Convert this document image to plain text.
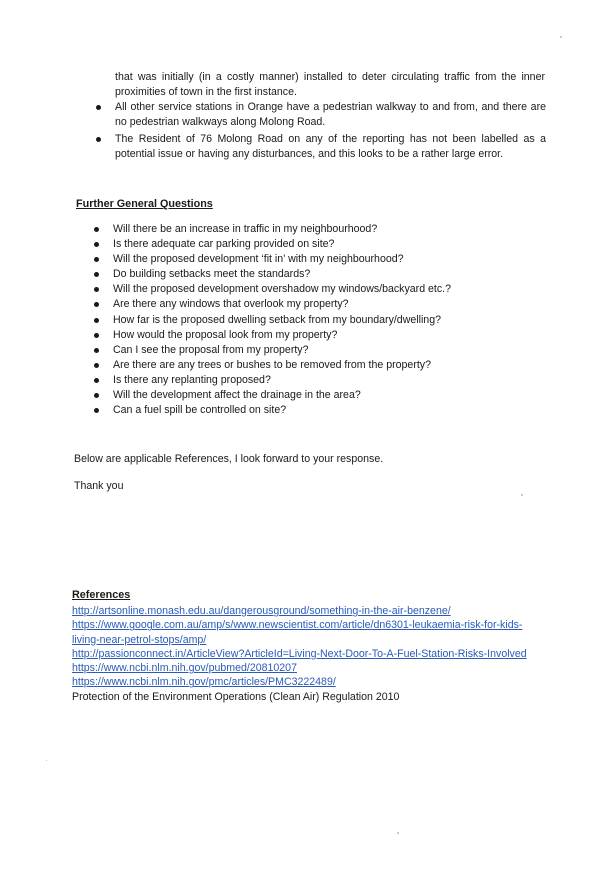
that was initially (in a costly manner) installed to deter circulating traffic from the inner proximities of town in the first instance.
All other service stations in Orange have a pedestrian walkway to and from, and there are no pedestrian walkways along Molong Road.
The Resident of 76 Molong Road on any of the reporting has not been labelled as a potential issue or having any disturbances, and this looks to be a rather large error.
Further General Questions
Will there be an increase in traffic in my neighbourhood?
Is there adequate car parking provided on site?
Will the proposed development ‘fit in’ with my neighbourhood?
Do building setbacks meet the standards?
Will the proposed development overshadow my windows/backyard etc.?
Are there any windows that overlook my property?
How far is the proposed dwelling setback from my boundary/dwelling?
How would the proposal look from my property?
Can I see the proposal from my property?
Are there are any trees or bushes to be removed from the property?
Is there any replanting proposed?
Will the development affect the drainage in the area?
Can a fuel spill be controlled on site?
Below are applicable References, I look forward to your response.
Thank you
References
http://artsonline.monash.edu.au/dangerousground/something-in-the-air-benzene/
https://www.google.com.au/amp/s/www.newscientist.com/article/dn6301-leukaemia-risk-for-kids-
living-near-petrol-stops/amp/
http://passionconnect.in/ArticleView?ArticleId=Living-Next-Door-To-A-Fuel-Station-Risks-Involved
https://www.ncbi.nlm.nih.gov/pubmed/20810207
https://www.ncbi.nlm.nih.gov/pmc/articles/PMC3222489/
Protection of the Environment Operations (Clean Air) Regulation 2010
